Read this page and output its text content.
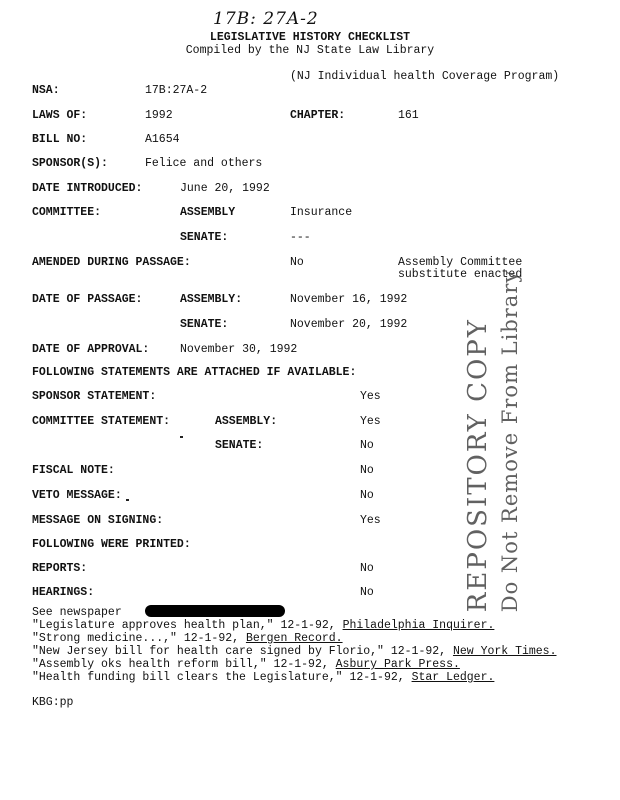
17B: 27A-2
LEGISLATIVE HISTORY CHECKLIST
Compiled by the NJ State Law Library
(NJ Individual health Coverage Program)
NSA:	17B:27A-2
LAWS OF:	1992	CHAPTER:	161
BILL NO:	A1654
SPONSOR(S):	Felice and others
DATE INTRODUCED:	June 20, 1992
COMMITTEE:	ASSEMBLY	Insurance
SENATE:	---
AMENDED DURING PASSAGE:	No	Assembly Committee
substitute enacted
DATE OF PASSAGE:	ASSEMBLY:	November 16, 1992
SENATE:	November 20, 1992
DATE OF APPROVAL:	November 30, 1992
FOLLOWING STATEMENTS ARE ATTACHED IF AVAILABLE:
SPONSOR STATEMENT:	Yes
COMMITTEE STATEMENT:	ASSEMBLY:	Yes
SENATE:	No
FISCAL NOTE:	No
VETO MESSAGE:	No
MESSAGE ON SIGNING:	Yes
FOLLOWING WERE PRINTED:
REPORTS:	No
HEARINGS:	No
See newspaper
"Legislature approves health plan," 12-1-92, Philadelphia Inquirer.
"Strong medicine...," 12-1-92, Bergen Record.
"New Jersey bill for health care signed by Florio," 12-1-92, New York Times.
"Assembly oks health reform bill," 12-1-92, Asbury Park Press.
"Health funding bill clears the Legislature," 12-1-92, Star Ledger.
KBG:pp
REPOSITORY COPY Do Not Remove From Library
